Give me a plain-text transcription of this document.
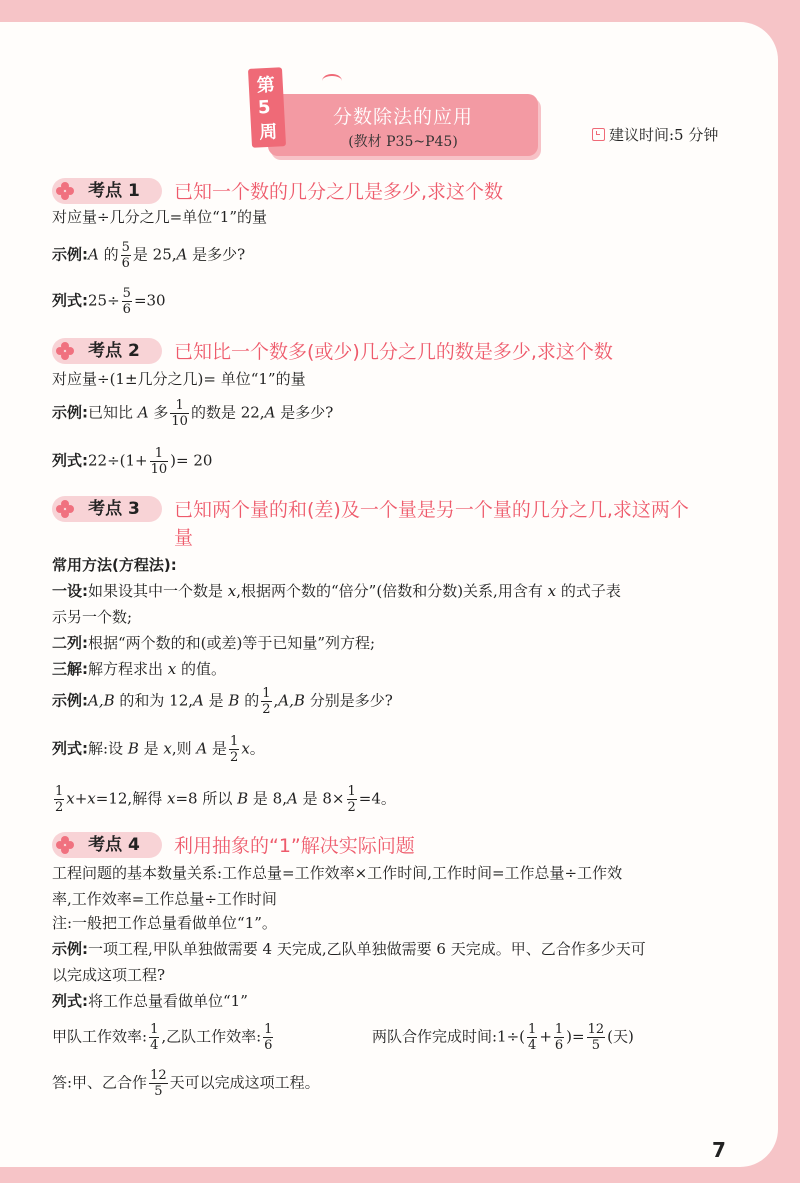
第 5 周
分数除法的应用
(教材 P35~P45)	建议时间:5 分钟
考点 1	已知一个数的几分之几是多少,求这个数
对应量÷几分之几=单位“1”的量
示例:A 的 $\frac{5}{6}$ 是 25,A 是多少?
列式:25÷ $\frac{5}{6} =30$
考点 2	已知比一个数多(或少)几分之几的数是多少,求这个数
对应量÷(1±几分之几)= 单位“1”的量
示例:已知比 A 多 $\frac{1}{10}$ 的数是 22,A 是多少?
列式:22÷(1+ $\frac{1}{10}$ )= 20
考点 3	已知两个量的和(差)及一个量是另一个量的几分之几,求这两个量
常用方法(方程法):
一设:如果设其中一个数是 x,根据两个数的“倍分”(倍数和分数)关系,用含有 x 的式子表
示另一个数;
二列:根据“两个数的和(或差)等于已知量”列方程;
三解:解方程求出 x 的值。
示例:A,B 的和为 12,A 是 B 的 $\frac{1}{2} ,A,B$ 分别是多少?
列式:解:设 B 是 x,则 A 是 $\frac{1}{2}$ x。
$\frac{1}{2} x+x=12$,解得 x=8 所以 B 是 8,A 是 $8\times \frac{1}{2} =4$。
考点 4	利用抽象的“1”解决实际问题
工程问题的基本数量关系:工作总量=工作效率×工作时间,工作时间=工作总量÷工作效
率,工作效率=工作总量÷工作时间
注:一般把工作总量看做单位“1”。
示例:一项工程,甲队单独做需要 4 天完成,乙队单独做需要 6 天完成。甲、乙合作多少天可
以完成这项工程?
列式:将工作总量看做单位“1”
甲队工作效率: $\frac{1}{4}$ ,乙队工作效率: $\frac{1}{6}$	两队合作完成时间:1÷( $\frac{1}{4} + \frac{1}{6}$ )= $\frac{12}{5}$ (天)
答:甲、乙合作 $\frac{12}{5}$ 天可以完成这项工程。
7
